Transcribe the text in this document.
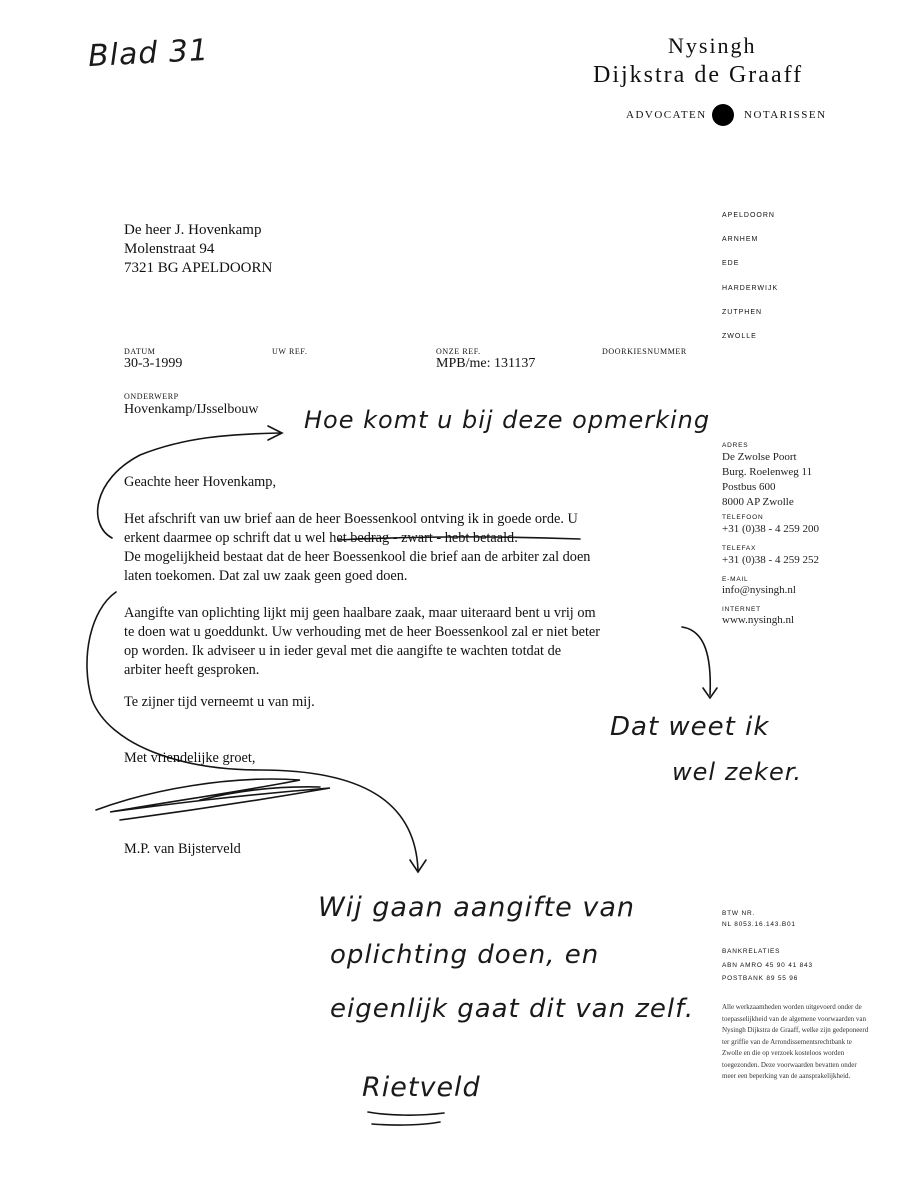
Blad 31
Hoe komt u bij deze opmerking
Dat weet ik
wel zeker.
Wij gaan aangifte van
oplichting doen, en
eigenlijk gaat dit van zelf.
Rietveld
Nysingh
Dijkstra de Graaff
ADVOCATEN	NOTARISSEN
APELDOORN
ARNHEM
EDE
HARDERWIJK
ZUTPHEN
ZWOLLE
De heer J. Hovenkamp
Molenstraat 94
7321 BG APELDOORN
DATUM
30-3-1999
UW REF.	ONZE REF.
MPB/me: 131137
DOORKIESNUMMER
ONDERWERP
Hovenkamp/IJsselbouw
Geachte heer Hovenkamp,
Het afschrift van uw brief aan de heer Boessenkool ontving ik in goede orde. U
erkent daarmee op schrift dat u wel het bedrag - zwart - hebt betaald.
De mogelijkheid bestaat dat de heer Boessenkool die brief aan de arbiter zal doen
laten toekomen. Dat zal uw zaak geen goed doen.
Aangifte van oplichting lijkt mij geen haalbare zaak, maar uiteraard bent u vrij om
te doen wat u goeddunkt. Uw verhouding met de heer Boessenkool zal er niet beter
op worden. Ik adviseer u in ieder geval met die aangifte te wachten totdat de
arbiter heeft gesproken.
Te zijner tijd verneemt u van mij.
Met vriendelijke groet,
M.P. van Bijsterveld
ADRES
De Zwolse Poort
Burg. Roelenweg 11
Postbus 600
8000 AP Zwolle
TELEFOON
+31 (0)38 - 4 259 200
TELEFAX
+31 (0)38 - 4 259 252
E-MAIL
info@nysingh.nl
INTERNET
www.nysingh.nl
BTW NR.
NL 8053.16.143.B01
BANKRELATIES
ABN AMRO 45 90 41 843
POSTBANK 89 55 96
Alle werkzaamheden worden uitgevoerd onder de toepasselijkheid van de algemene voorwaarden van Nysingh Dijkstra de Graaff, welke zijn gedeponeerd ter griffie van de Arrondissementsrechtbank te Zwolle en die op verzoek kosteloos worden toegezonden. Deze voorwaarden bevatten onder meer een beperking van de aansprakelijkheid.
